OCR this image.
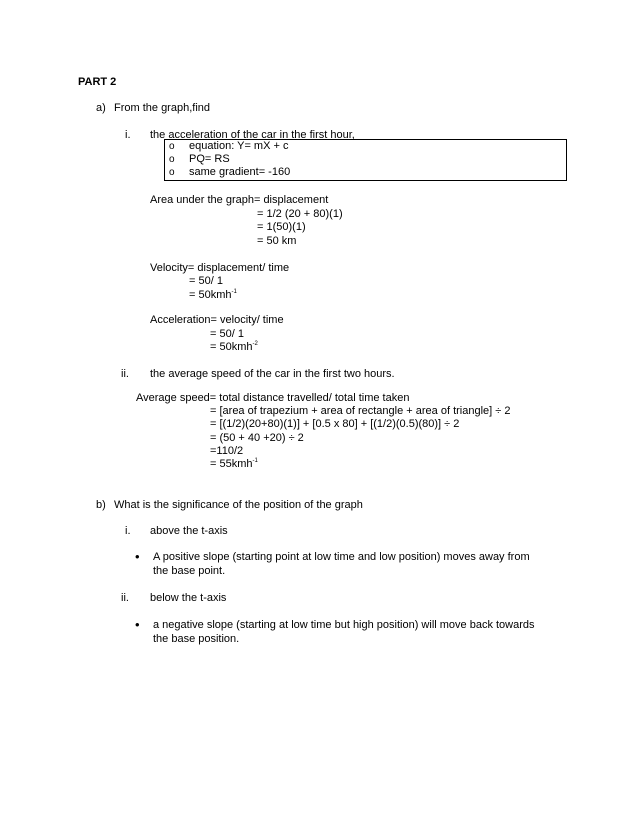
PART 2
a) From the graph,find
i. the acceleration of the car in the first hour,
o equation: Y= mX + c
o PQ= RS
o same gradient= -160
Area under the graph= displacement
= 1/2 (20 + 80)(1)
= 1(50)(1)
= 50 km
Velocity= displacement/ time
= 50/ 1
= 50kmh$^{-1}$
Acceleration= velocity/ time
= 50/ 1
= 50kmh$^{-2}$
ii. the average speed of the car in the first two hours.
Average speed= total distance travelled/ total time taken
= [area of trapezium + area of rectangle + area of triangle] ÷ 2
= [(1/2)(20+80)(1)] + [0.5 x 80] + [(1/2)(0.5)(80)] ÷ 2
= (50 + 40 +20) ÷ 2
=110/2
= 55kmh$^{-1}$
b) What is the significance of the position of the graph
i. above the t-axis
• A positive slope (starting point at low time and low position) moves away from
the base point.
ii. below the t-axis
• a negative slope (starting at low time but high position) will move back towards
the base position.
